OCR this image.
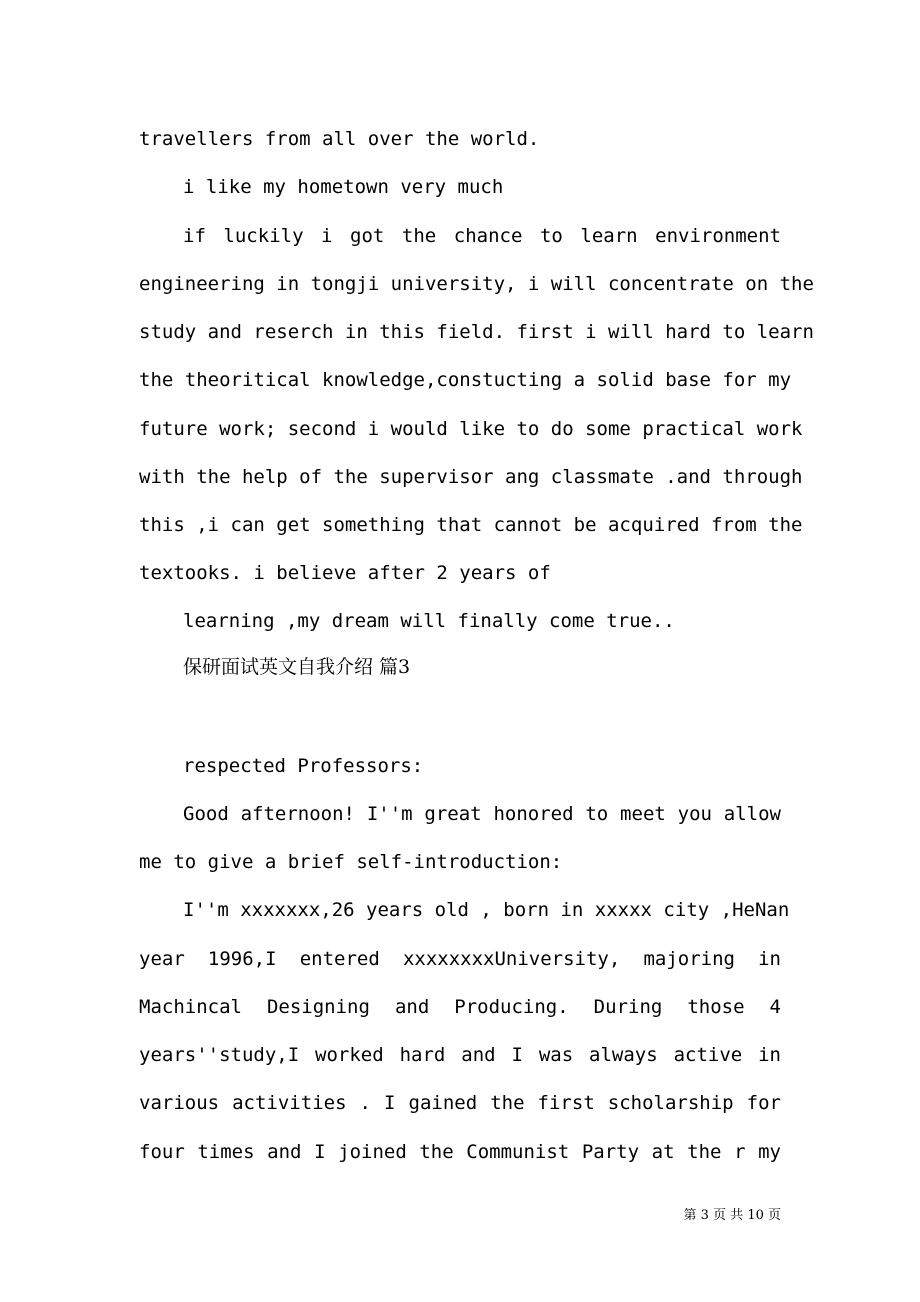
travellers from all over the world.
i like my hometown very much
if luckily i got the chance to learn environment
engineering in tongji university, i will concentrate on the
study and reserch in this field. first i will hard to learn
the theoritical knowledge,constucting a solid base for my
future work; second i would like to do some practical work
with the help of the supervisor ang classmate .and through
this ,i can get something that cannot be acquired from the
textooks. i believe after 2 years of
learning ,my dream will finally come true..
保研面试英文自我介绍 篇3
respected Professors:
Good afternoon! I''m great honored to meet you allow
me to give a brief self-introduction:
I''m xxxxxxx,26 years old , born in xxxxx city ,HeNan
year 1996,I entered xxxxxxxxUniversity, majoring in
Machincal Designing and Producing. During those 4
years''study,I worked hard and I was always active in
various activities . I gained the first scholarship for
four times and I joined the Communist Party at the r my
第 3 页 共 10 页
